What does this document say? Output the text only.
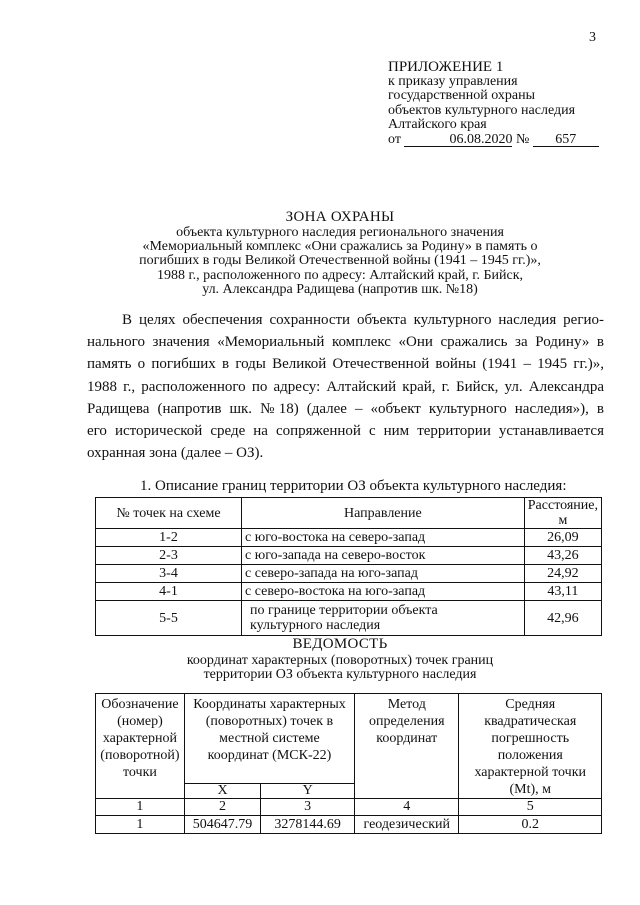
3
ПРИЛОЖЕНИЕ 1
к приказу управления
государственной охраны
объектов культурного наследия
Алтайского края
от	06.08.2020 № 657
ЗОНА ОХРАНЫ
объекта культурного наследия регионального значения
«Мемориальный комплекс «Они сражались за Родину» в память о
погибших в годы Великой Отечественной войны (1941 – 1945 гг.)»,
1988 г., расположенного по адресу: Алтайский край, г. Бийск,
ул. Александра Радищева (напротив шк. №18)
В целях обеспечения сохранности объекта культурного наследия регио-
нального значения «Мемориальный комплекс «Они сражались за Родину» в
память о погибших в годы Великой Отечественной войны (1941 – 1945 гг.)»,
1988 г., расположенного по адресу: Алтайский край, г. Бийск, ул. Александра
Радищева (напротив шк. №18) (далее – «объект культурного наследия»), в
его исторической среде на сопряженной с ним территории устанавливается
охранная зона (далее – ОЗ).
1. Описание границ территории ОЗ объекта культурного наследия:
№ точек на схеме	Направление	Расстояние, м
1-2	с юго-востока на северо-запад	26,09
2-3	с юго-запада на северо-восток	43,26
3-4	с северо-запада на юго-запад	24,92
4-1	с северо-востока на юго-запад	43,11
5-5	по границе территории объекта культурного наследия	42,96
ВЕДОМОСТЬ
координат характерных (поворотных) точек границ
территории ОЗ объекта культурного наследия
Обозначение (номер) характерной (поворотной) точки	Координаты характерных (поворотных) точек в местной системе координат (МСК-22)		Метод определения координат	Средняя квадратическая погрешность положения характерной точки (Mt), м
	X	Y		
1	2	3	4	5
1	504647.79	3278144.69	геодезический	0.2
